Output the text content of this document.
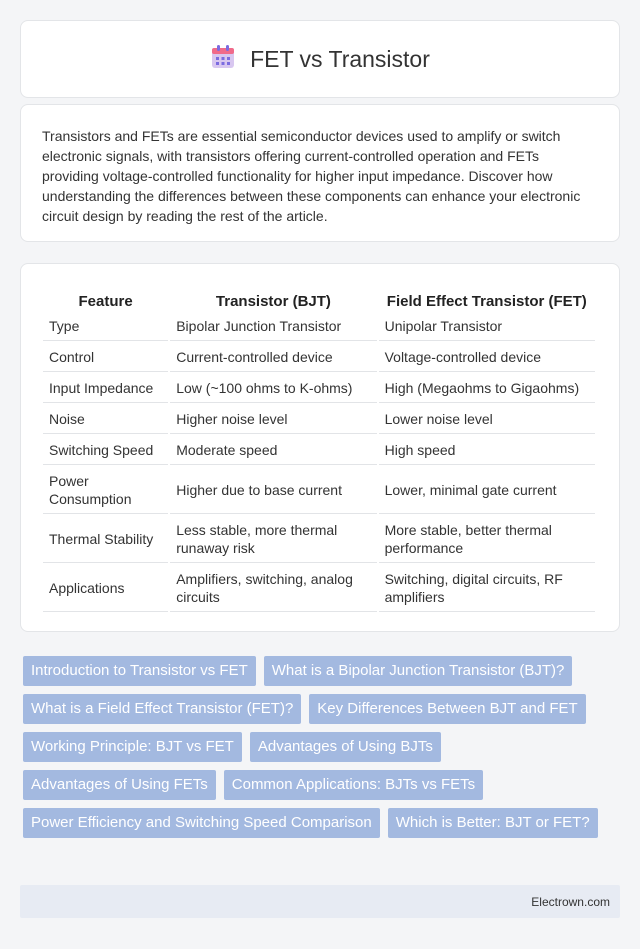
FET vs Transistor

Transistors and FETs are essential semiconductor devices used to amplify or switch electronic signals, with transistors offering current-controlled operation and FETs providing voltage-controlled functionality for higher input impedance. Discover how understanding the differences between these components can enhance your electronic circuit design by reading the rest of the article.

Feature	Transistor (BJT)	Field Effect Transistor (FET)
Type	Bipolar Junction Transistor	Unipolar Transistor
Control	Current-controlled device	Voltage-controlled device
Input Impedance	Low (~100 ohms to K-ohms)	High (Megaohms to Gigaohms)
Noise	Higher noise level	Lower noise level
Switching Speed	Moderate speed	High speed
Power Consumption	Higher due to base current	Lower, minimal gate current
Thermal Stability	Less stable, more thermal runaway risk	More stable, better thermal performance
Applications	Amplifiers, switching, analog circuits	Switching, digital circuits, RF amplifiers
Introduction to Transistor vs FET	What is a Bipolar Junction Transistor (BJT)?
What is a Field Effect Transistor (FET)?	Key Differences Between BJT and FET
Working Principle: BJT vs FET	Advantages of Using BJTs
Advantages of Using FETs	Common Applications: BJTs vs FETs
Power Efficiency and Switching Speed Comparison	Which is Better: BJT or FET?
Electrown.com
